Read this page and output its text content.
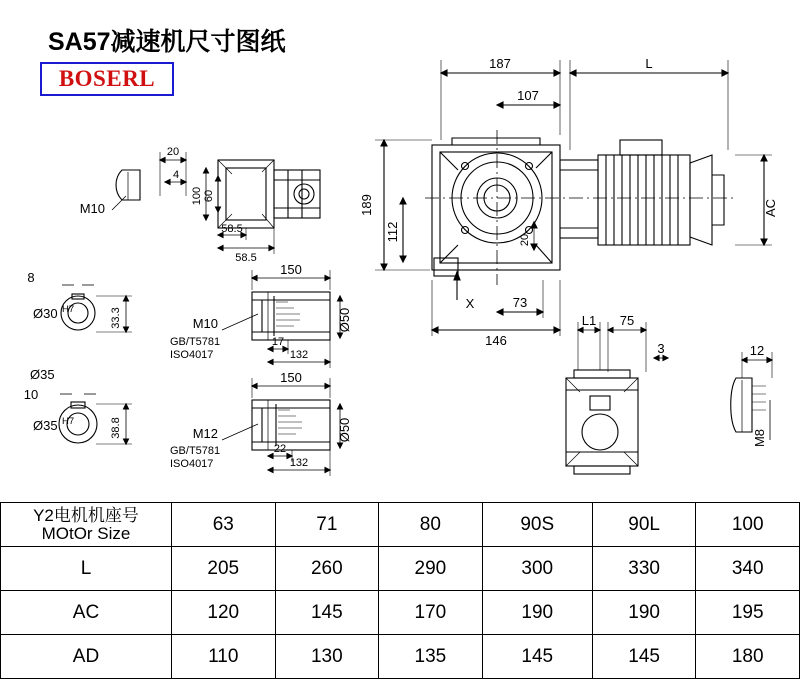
SA57减速机尺寸图纸
BOSERL
187	L
107
189
112
AC
20
73
146
X
20
4
100 60
58.5
58.5
M10
8
Ø30 H7	33.3
Ø35
10
Ø35 H7	38.8
150
17
132
Ø50
M10
GB/T5781
ISO4017
150
22
132
Ø50
M12
GB/T5781
ISO4017
L1 75
3	12
M8
Y2电机机座号
MOtOr Size	63	71	80	90S	90L	100
L	205	260	290	300	330	340
AC	120	145	170	190	190	195
AD	110	130	135	145	145	180
